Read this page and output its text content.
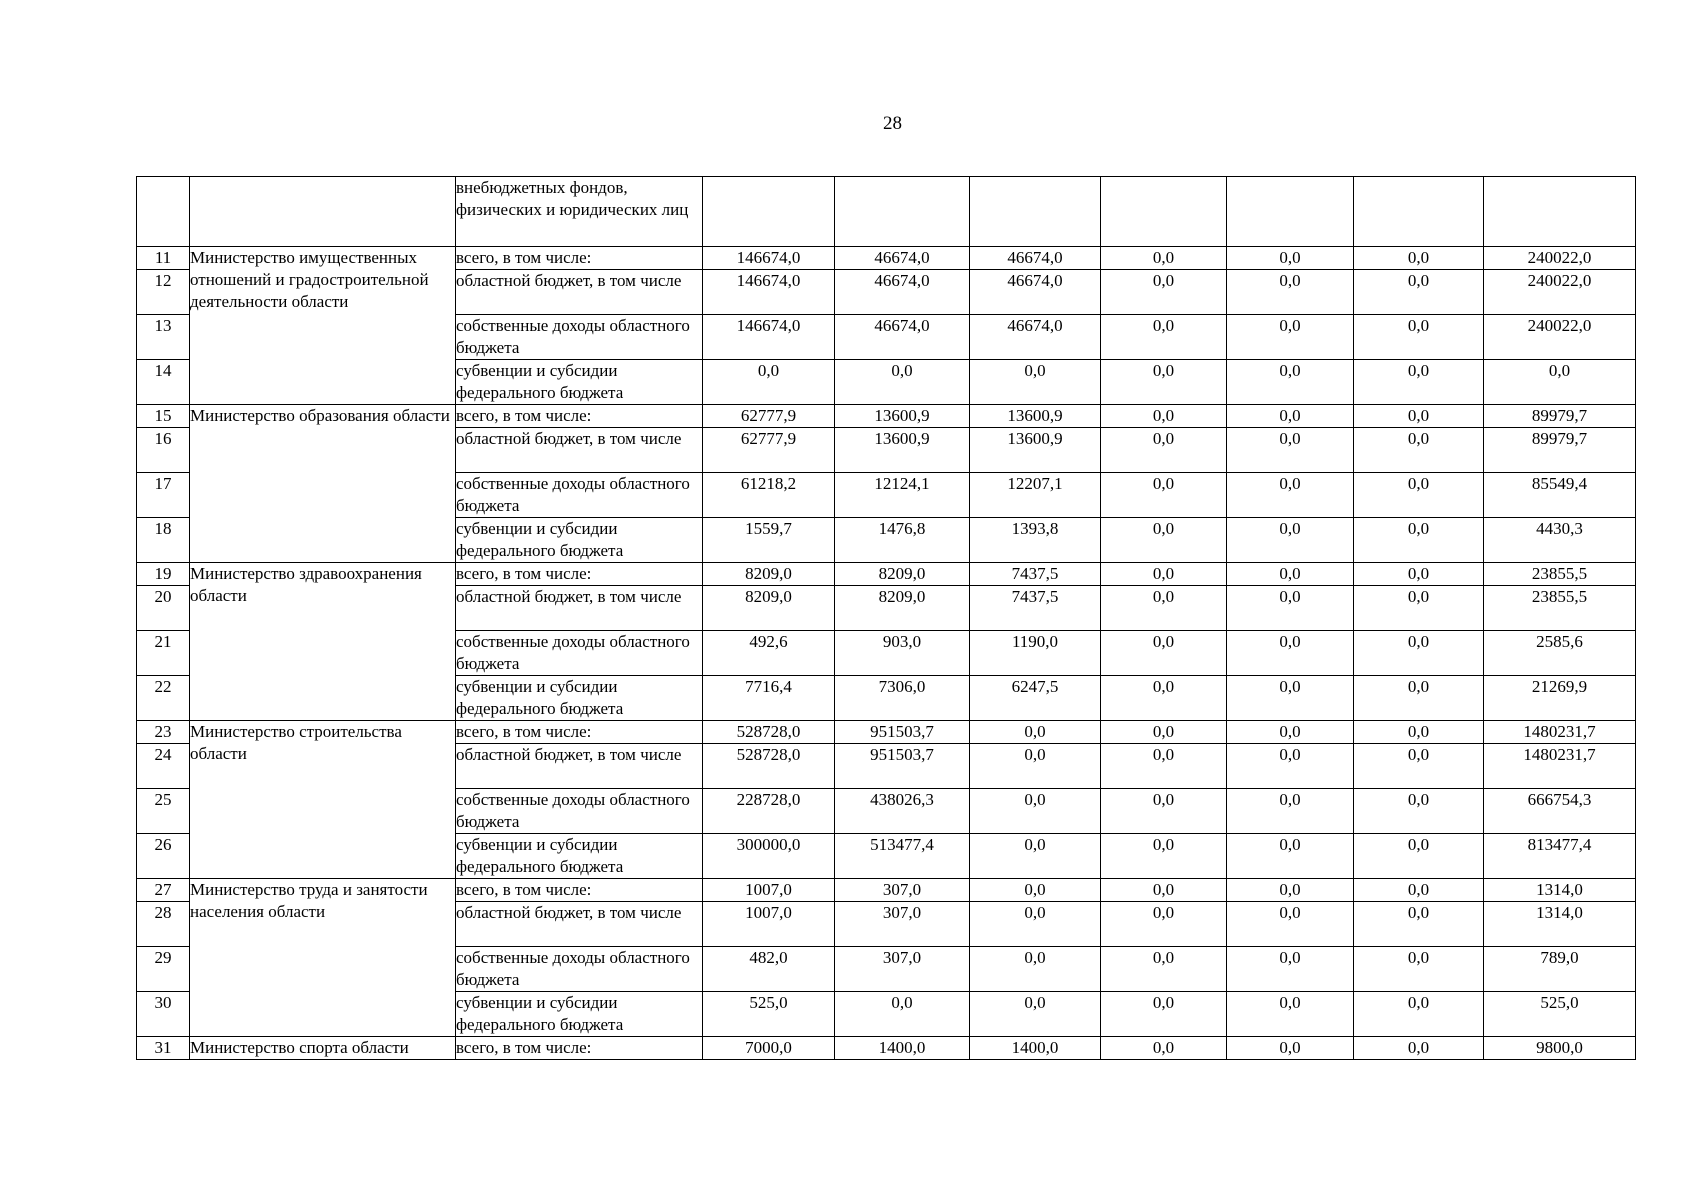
28

		внебюджетных фондов, физических и юридических лиц							

11	Министерство имущественных отношений и градостроительной деятельности области	всего, в том числе:	146674,0	46674,0	46674,0	0,0	0,0	0,0	240022,0
12		областной бюджет, в том числе	146674,0	46674,0	46674,0	0,0	0,0	0,0	240022,0
13		собственные доходы областного бюджета	146674,0	46674,0	46674,0	0,0	0,0	0,0	240022,0
14		субвенции и субсидии федерального бюджета	0,0	0,0	0,0	0,0	0,0	0,0	0,0
15	Министерство образования области	всего, в том числе:	62777,9	13600,9	13600,9	0,0	0,0	0,0	89979,7
16		областной бюджет, в том числе	62777,9	13600,9	13600,9	0,0	0,0	0,0	89979,7
17		собственные доходы областного бюджета	61218,2	12124,1	12207,1	0,0	0,0	0,0	85549,4
18		субвенции и субсидии федерального бюджета	1559,7	1476,8	1393,8	0,0	0,0	0,0	4430,3
19	Министерство здравоохранения области	всего, в том числе:	8209,0	8209,0	7437,5	0,0	0,0	0,0	23855,5
20		областной бюджет, в том числе	8209,0	8209,0	7437,5	0,0	0,0	0,0	23855,5
21		собственные доходы областного бюджета	492,6	903,0	1190,0	0,0	0,0	0,0	2585,6
22		субвенции и субсидии федерального бюджета	7716,4	7306,0	6247,5	0,0	0,0	0,0	21269,9
23	Министерство строительства области	всего, в том числе:	528728,0	951503,7	0,0	0,0	0,0	0,0	1480231,7
24		областной бюджет, в том числе	528728,0	951503,7	0,0	0,0	0,0	0,0	1480231,7
25		собственные доходы областного бюджета	228728,0	438026,3	0,0	0,0	0,0	0,0	666754,3
26		субвенции и субсидии федерального бюджета	300000,0	513477,4	0,0	0,0	0,0	0,0	813477,4
27	Министерство труда и занятости населения области	всего, в том числе:	1007,0	307,0	0,0	0,0	0,0	0,0	1314,0
28		областной бюджет, в том числе	1007,0	307,0	0,0	0,0	0,0	0,0	1314,0
29		собственные доходы областного бюджета	482,0	307,0	0,0	0,0	0,0	0,0	789,0
30		субвенции и субсидии федерального бюджета	525,0	0,0	0,0	0,0	0,0	0,0	525,0
31	Министерство спорта области	всего, в том числе:	7000,0	1400,0	1400,0	0,0	0,0	0,0	9800,0
